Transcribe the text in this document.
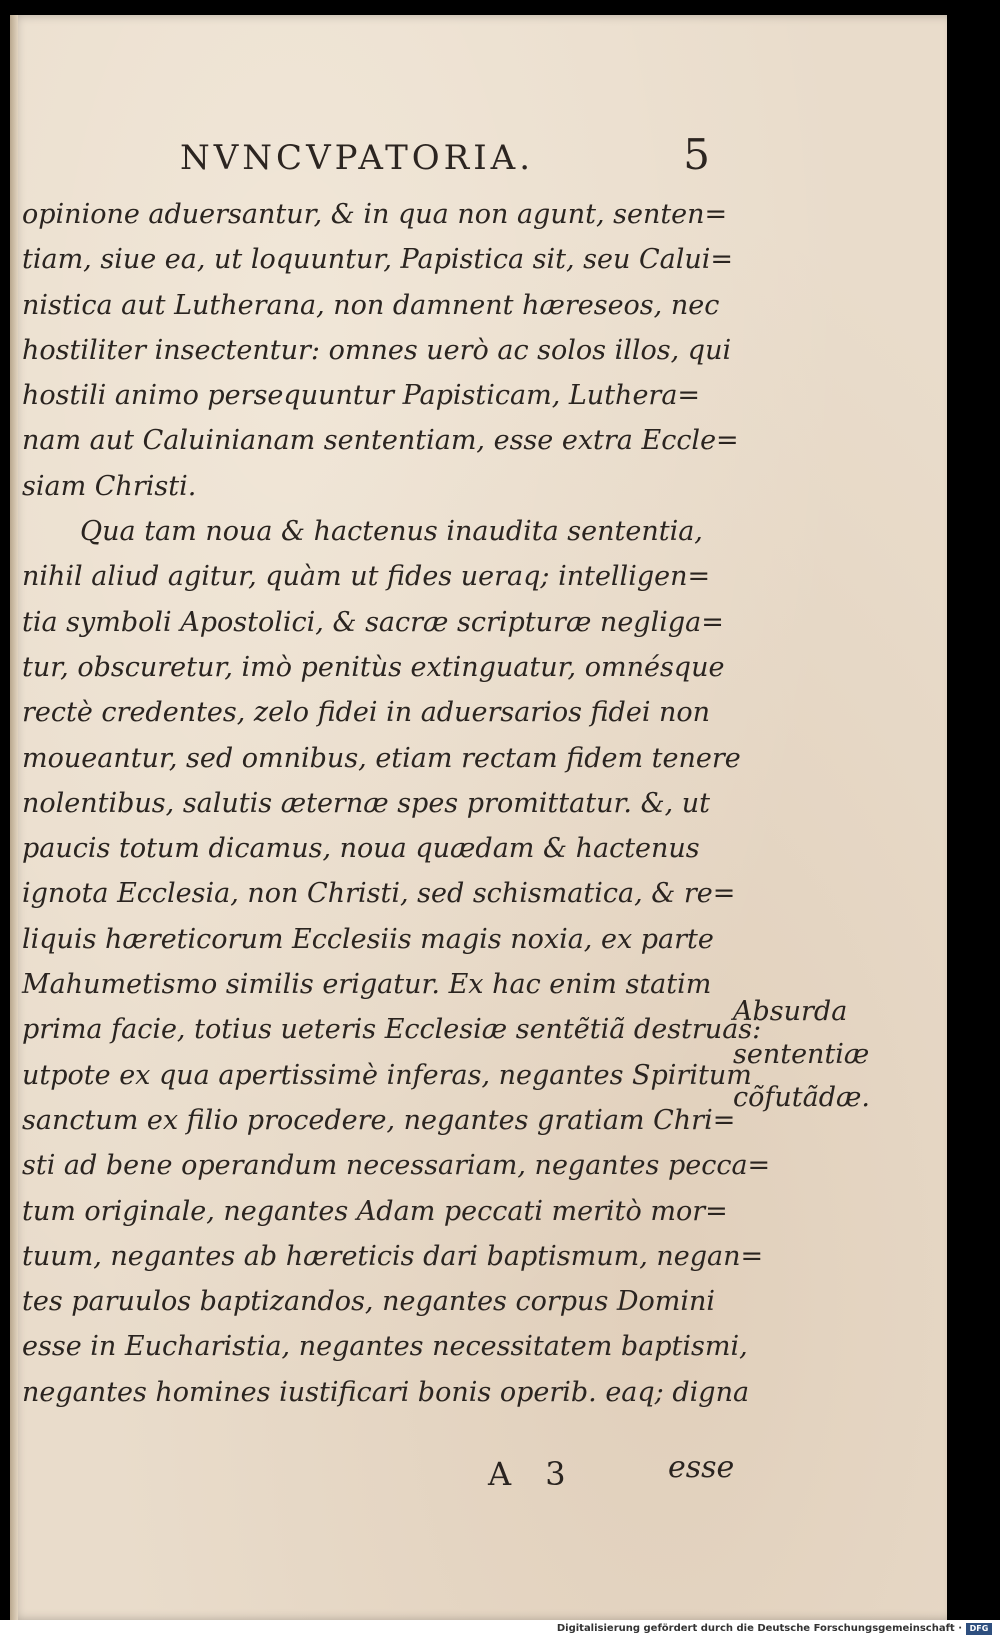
NVNCVPATORIA.	5
opinione aduersantur, & in qua non agunt, senten=
tiam, siue ea, ut loquuntur, Papistica sit, seu Calui=
nistica aut Lutherana, non damnent hæreseos, nec
hostiliter insectentur: omnes uerò ac solos illos, qui
hostili animo persequuntur Papisticam, Luthera=
nam aut Caluinianam sententiam, esse extra Eccle=
siam Christi.
Qua tam noua & hactenus inaudita sententia,
nihil aliud agitur, quàm ut fides ueraq; intelligen=
tia symboli Apostolici, & sacræ scripturæ negliga=
tur, obscuretur, imò penitùs extinguatur, omnésque
rectè credentes, zelo fidei in aduersarios fidei non
moueantur, sed omnibus, etiam rectam fidem tenere
nolentibus, salutis æternæ spes promittatur. &, ut
paucis totum dicamus, noua quædam & hactenus
ignota Ecclesia, non Christi, sed schismatica, & re=
liquis hæreticorum Ecclesiis magis noxia, ex parte
Mahumetismo similis erigatur. Ex hac enim statim
prima facie, totius ueteris Ecclesiæ sentẽtiã destruas:
utpote ex qua apertissimè inferas, negantes Spiritum
sanctum ex filio procedere, negantes gratiam Chri=
sti ad bene operandum necessariam, negantes pecca=
tum originale, negantes Adam peccati meritò mor=
tuum, negantes ab hæreticis dari baptismum, negan=
tes paruulos baptizandos, negantes corpus Domini
esse in Eucharistia, negantes necessitatem baptismi,
negantes homines iustificari bonis operib. eaq; digna
Absurda
sententiæ
cõfutãdæ.
A 3	esse
Digitalisierung gefördert durch die Deutsche Forschungsgemeinschaft · DFG
